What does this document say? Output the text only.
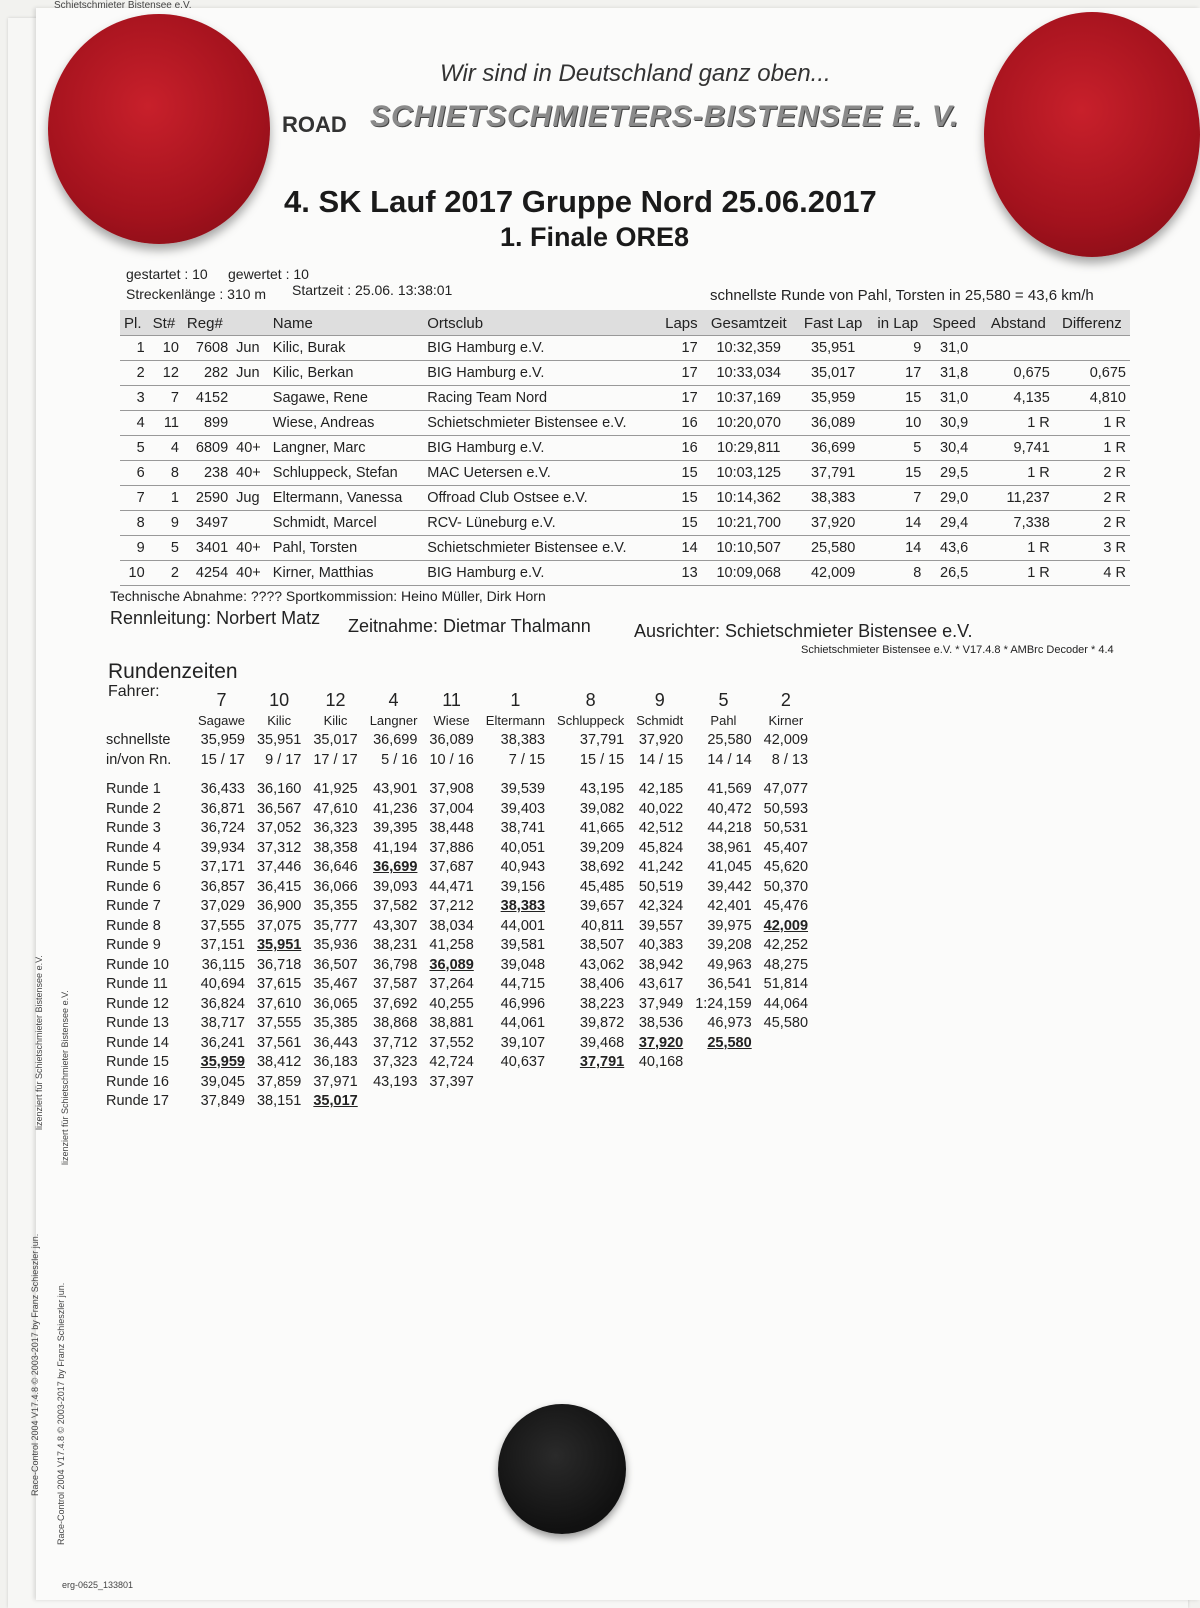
Schietschmieter Bistensee e.V.
Wir sind in Deutschland ganz oben...
ROAD SCHIETSCHMIETERS-BISTENSEE E. V.
4. SK Lauf 2017 Gruppe Nord 25.06.2017
1. Finale ORE8
gestartet : 10 gewertet : 10
Streckenlänge : 310 m Startzeit : 25.06. 13:38:01	schnellste Runde von Pahl, Torsten in 25,580 = 43,6 km/h
Pl.	St#	Reg#		Name	Ortsclub	Laps	Gesamtzeit	Fast Lap	in Lap	Speed	Abstand	Differenz
1	10	7608	Jun	Kilic, Burak	BIG Hamburg e.V.	17	10:32,359	35,951	9	31,0		
2	12	282	Jun	Kilic, Berkan	BIG Hamburg e.V.	17	10:33,034	35,017	17	31,8	0,675	0,675
3	7	4152		Sagawe, Rene	Racing Team Nord	17	10:37,169	35,959	15	31,0	4,135	4,810
4	11	899		Wiese, Andreas	Schietschmieter Bistensee e.V.	16	10:20,070	36,089	10	30,9	1 R	1 R
5	4	6809	40+	Langner, Marc	BIG Hamburg e.V.	16	10:29,811	36,699	5	30,4	9,741	1 R
6	8	238	40+	Schluppeck, Stefan	MAC Uetersen e.V.	15	10:03,125	37,791	15	29,5	1 R	2 R
7	1	2590	Jug	Eltermann, Vanessa	Offroad Club Ostsee e.V.	15	10:14,362	38,383	7	29,0	11,237	2 R
8	9	3497		Schmidt, Marcel	RCV- Lüneburg e.V.	15	10:21,700	37,920	14	29,4	7,338	2 R
9	5	3401	40+	Pahl, Torsten	Schietschmieter Bistensee e.V.	14	10:10,507	25,580	14	43,6	1 R	3 R
10	2	4254	40+	Kirner, Matthias	BIG Hamburg e.V.	13	10:09,068	42,009	8	26,5	1 R	4 R
Technische Abnahme: ???? Sportkommission: Heino Müller, Dirk Horn
Rennleitung: Norbert Matz Zeitnahme: Dietmar Thalmann Ausrichter: Schietschmieter Bistensee e.V.
Schietschmieter Bistensee e.V. * V17.4.8 * AMBrc Decoder * 4.4
Rundenzeiten
Fahrer:
		7	10	12	4	11	1	8	9	5	2
	Sagawe	Kilic	Kilic	Langner	Wiese	Eltermann	Schluppeck	Schmidt	Pahl	Kirner
schnellste	35,959	35,951	35,017	36,699	36,089	38,383	37,791	37,920	25,580	42,009
in/von Rn.	15 / 17	9 / 17	17 / 17	5 / 16	10 / 16	7 / 15	15 / 15	14 / 15	14 / 14	8 / 13

Runde 1	36,433	36,160	41,925	43,901	37,908	39,539	43,195	42,185	41,569	47,077
Runde 2	36,871	36,567	47,610	41,236	37,004	39,403	39,082	40,022	40,472	50,593
Runde 3	36,724	37,052	36,323	39,395	38,448	38,741	41,665	42,512	44,218	50,531
Runde 4	39,934	37,312	38,358	41,194	37,886	40,051	39,209	45,824	38,961	45,407
Runde 5	37,171	37,446	36,646	36,699	37,687	40,943	38,692	41,242	41,045	45,620
Runde 6	36,857	36,415	36,066	39,093	44,471	39,156	45,485	50,519	39,442	50,370
Runde 7	37,029	36,900	35,355	37,582	37,212	38,383	39,657	42,324	42,401	45,476
Runde 8	37,555	37,075	35,777	43,307	38,034	44,001	40,811	39,557	39,975	42,009
Runde 9	37,151	35,951	35,936	38,231	41,258	39,581	38,507	40,383	39,208	42,252
Runde 10	36,115	36,718	36,507	36,798	36,089	39,048	43,062	38,942	49,963	48,275
Runde 11	40,694	37,615	35,467	37,587	37,264	44,715	38,406	43,617	36,541	51,814
Runde 12	36,824	37,610	36,065	37,692	40,255	46,996	38,223	37,949	1:24,159	44,064
Runde 13	38,717	37,555	35,385	38,868	38,881	44,061	39,872	38,536	46,973	45,580
Runde 14	36,241	37,561	36,443	37,712	37,552	39,107	39,468	37,920	25,580	
Runde 15	35,959	38,412	36,183	37,323	42,724	40,637	37,791	40,168		
Runde 16	39,045	37,859	37,971	43,193	37,397					
Runde 17	37,849	38,151	35,017							
lizenziert für Schietschmieter Bistensee e.V. lizenziert für Schietschmieter Bistensee e.V.
Race-Control 2004 V17.4.8 © 2003-2017 by Franz Schieszler jun. Race-Control 2004 V17.4.8 © 2003-2017 by Franz Schieszler jun.
erg-0625_133801
